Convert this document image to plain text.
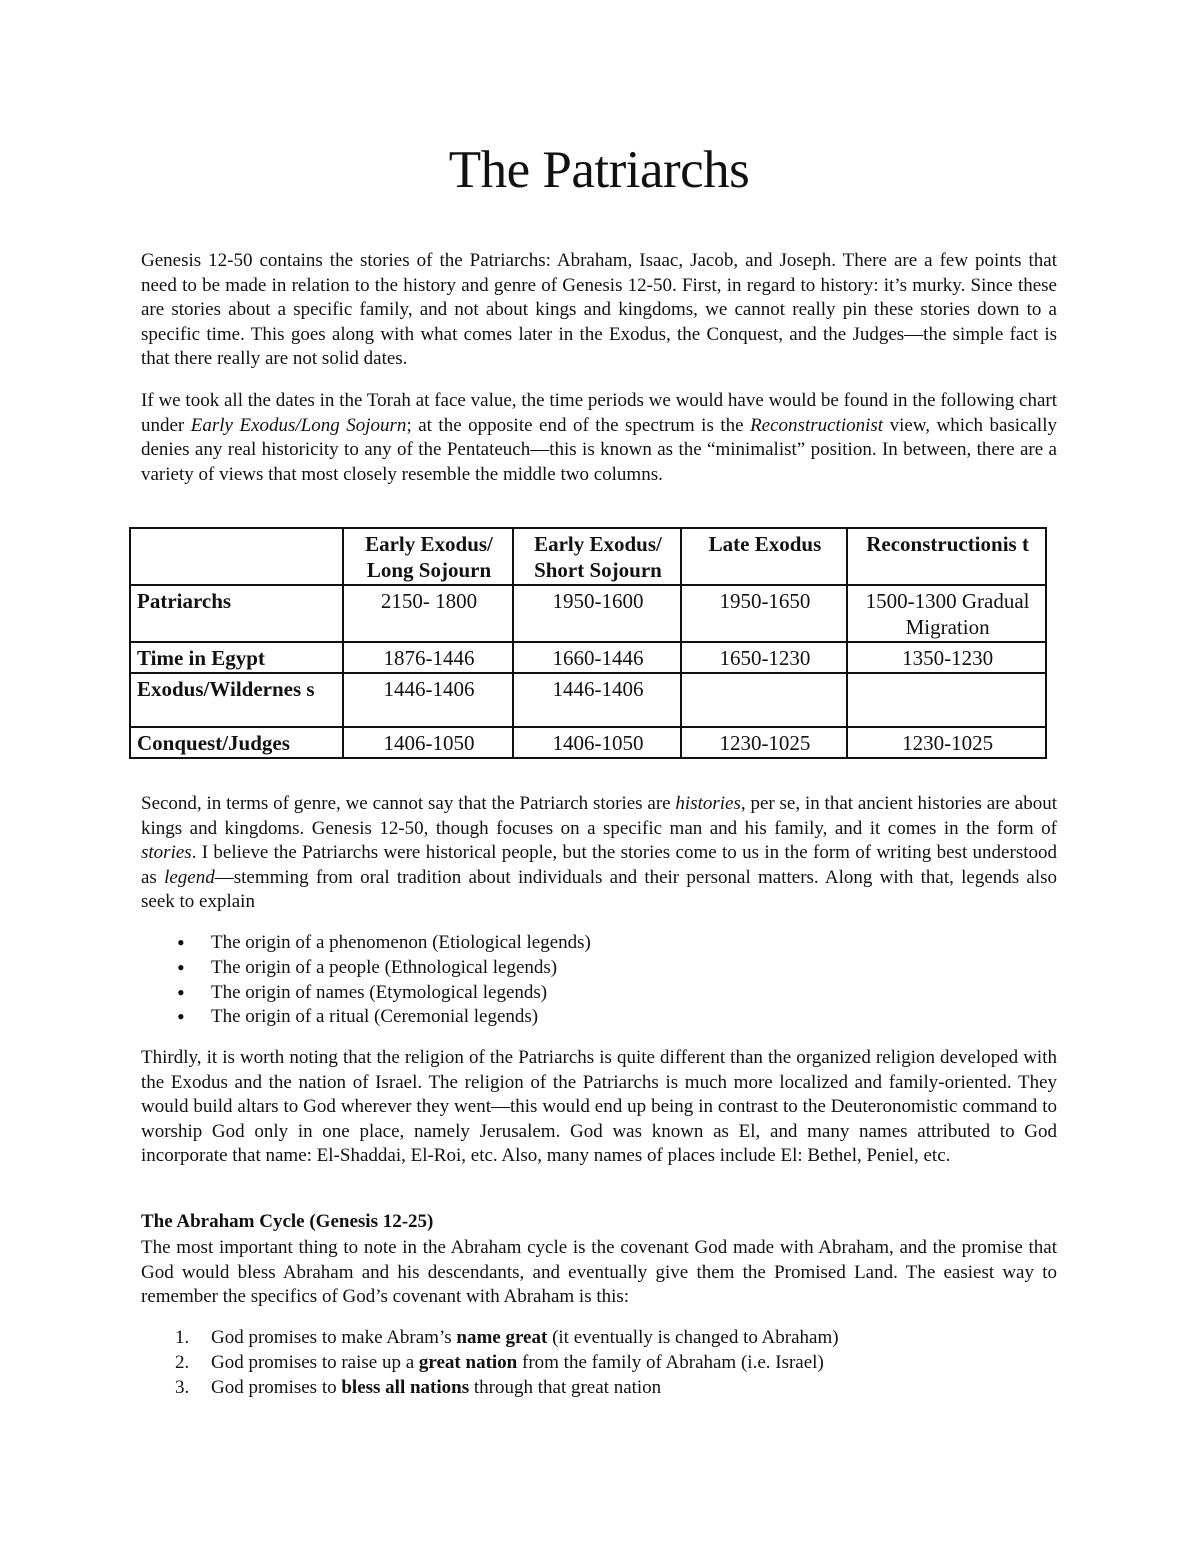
The Patriarchs

Genesis 12-50 contains the stories of the Patriarchs: Abraham, Isaac, Jacob, and Joseph. There are a few points that need to be made in relation to the history and genre of Genesis 12-50. First, in regard to history: it’s murky. Since these are stories about a specific family, and not about kings and kingdoms, we cannot really pin these stories down to a specific time. This goes along with what comes later in the Exodus, the Conquest, and the Judges—the simple fact is that there really are not solid dates.

If we took all the dates in the Torah at face value, the time periods we would have would be found in the following chart under Early Exodus/Long Sojourn; at the opposite end of the spectrum is the Reconstructionist view, which basically denies any real historicity to any of the Pentateuch—this is known as the “minimalist” position. In between, there are a variety of views that most closely resemble the middle two columns.

	Early Exodus/ Long Sojourn	Early Exodus/ Short Sojourn	Late Exodus	Reconstructionis t
Patriarchs	2150- 1800	1950-1600	1950-1650	1500-1300 Gradual Migration
Time in Egypt	1876-1446	1660-1446	1650-1230	1350-1230
Exodus/Wildernes s	1446-1406	1446-1406		
Conquest/Judges	1406-1050	1406-1050	1230-1025	1230-1025

Second, in terms of genre, we cannot say that the Patriarch stories are histories, per se, in that ancient histories are about kings and kingdoms. Genesis 12-50, though focuses on a specific man and his family, and it comes in the form of stories. I believe the Patriarchs were historical people, but the stories come to us in the form of writing best understood as legend—stemming from oral tradition about individuals and their personal matters. Along with that, legends also seek to explain

• The origin of a phenomenon (Etiological legends)
• The origin of a people (Ethnological legends)
• The origin of names (Etymological legends)
• The origin of a ritual (Ceremonial legends)

Thirdly, it is worth noting that the religion of the Patriarchs is quite different than the organized religion developed with the Exodus and the nation of Israel. The religion of the Patriarchs is much more localized and family-oriented. They would build altars to God wherever they went—this would end up being in contrast to the Deuteronomistic command to worship God only in one place, namely Jerusalem. God was known as El, and many names attributed to God incorporate that name: El-Shaddai, El-Roi, etc. Also, many names of places include El: Bethel, Peniel, etc.

The Abraham Cycle (Genesis 12-25)

The most important thing to note in the Abraham cycle is the covenant God made with Abraham, and the promise that God would bless Abraham and his descendants, and eventually give them the Promised Land. The easiest way to remember the specifics of God’s covenant with Abraham is this:

1. God promises to make Abram’s name great (it eventually is changed to Abraham)
2. God promises to raise up a great nation from the family of Abraham (i.e. Israel)
3. God promises to bless all nations through that great nation
